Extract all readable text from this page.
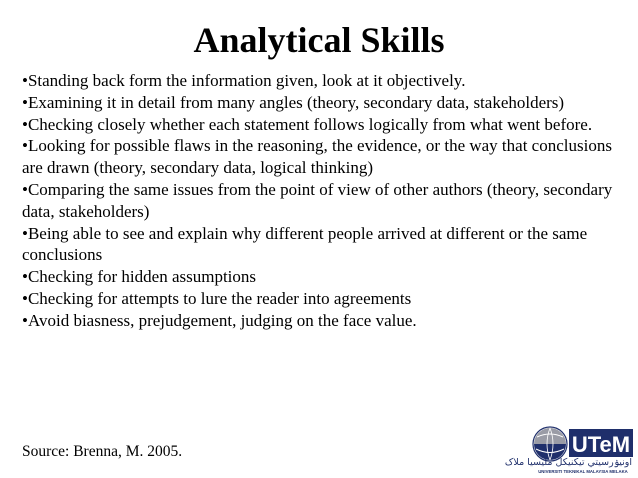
Analytical Skills
•Standing back form the information given, look at it objectively.
•Examining it in detail from many angles (theory, secondary data, stakeholders)
•Checking closely whether each statement follows logically from what went before.
•Looking for possible flaws in the reasoning, the evidence, or the way that conclusions are drawn (theory, secondary data, logical thinking)
•Comparing the same issues from the point of view of other authors (theory, secondary data, stakeholders)
•Being able to see and explain why different people arrived at different or the same conclusions
•Checking for hidden assumptions
•Checking for attempts to lure the reader into agreements
•Avoid biasness, prejudgement, judging on the face value.
Source: Brenna, M. 2005.	UTeM
اونيۏرسيتي تيکنيکل مليسيا ملاک
UNIVERSITI TEKNIKAL MALAYSIA MELAKA
